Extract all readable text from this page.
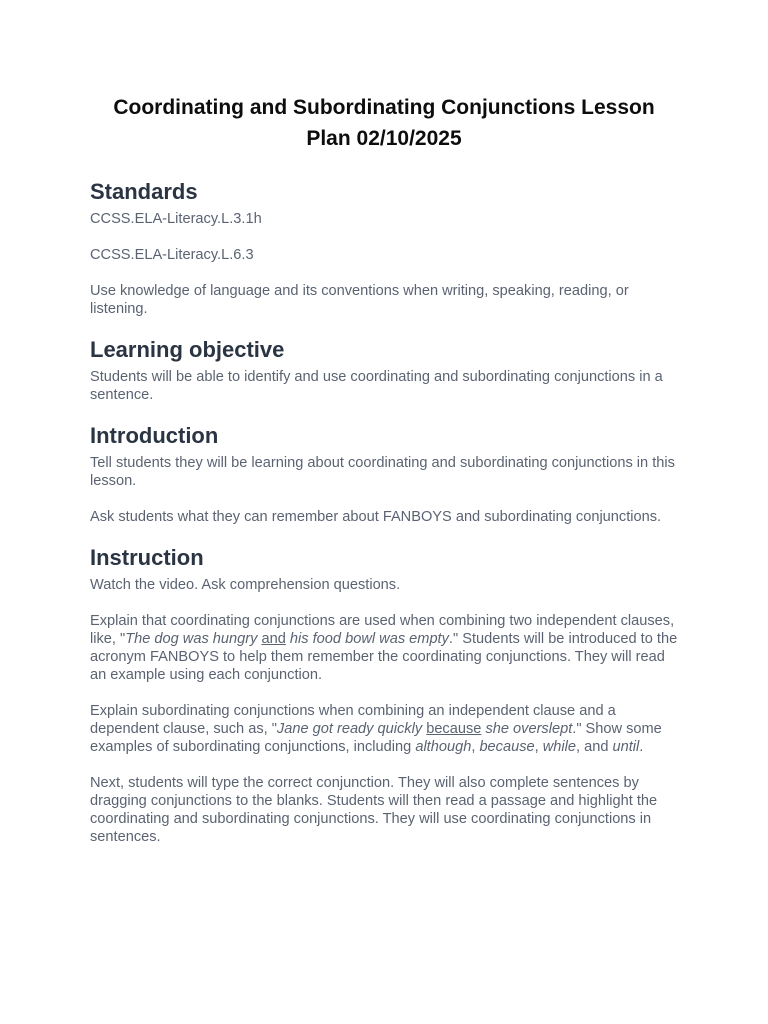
Coordinating and Subordinating Conjunctions Lesson Plan 02/10/2025
Standards

CCSS.ELA-Literacy.L.3.1h

CCSS.ELA-Literacy.L.6.3

Use knowledge of language and its conventions when writing, speaking, reading, or listening.

Learning objective

Students will be able to identify and use coordinating and subordinating conjunctions in a sentence.

Introduction

Tell students they will be learning about coordinating and subordinating conjunctions in this lesson.

Ask students what they can remember about FANBOYS and subordinating conjunctions.

Instruction

Watch the video. Ask comprehension questions.

Explain that coordinating conjunctions are used when combining two independent clauses, like, "The dog was hungry and his food bowl was empty." Students will be introduced to the acronym FANBOYS to help them remember the coordinating conjunctions. They will read an example using each conjunction.

Explain subordinating conjunctions when combining an independent clause and a dependent clause, such as, "Jane got ready quickly because she overslept." Show some examples of subordinating conjunctions, including although, because, while, and until.

Next, students will type the correct conjunction. They will also complete sentences by dragging conjunctions to the blanks. Students will then read a passage and highlight the coordinating and subordinating conjunctions. They will use coordinating conjunctions in sentences.
